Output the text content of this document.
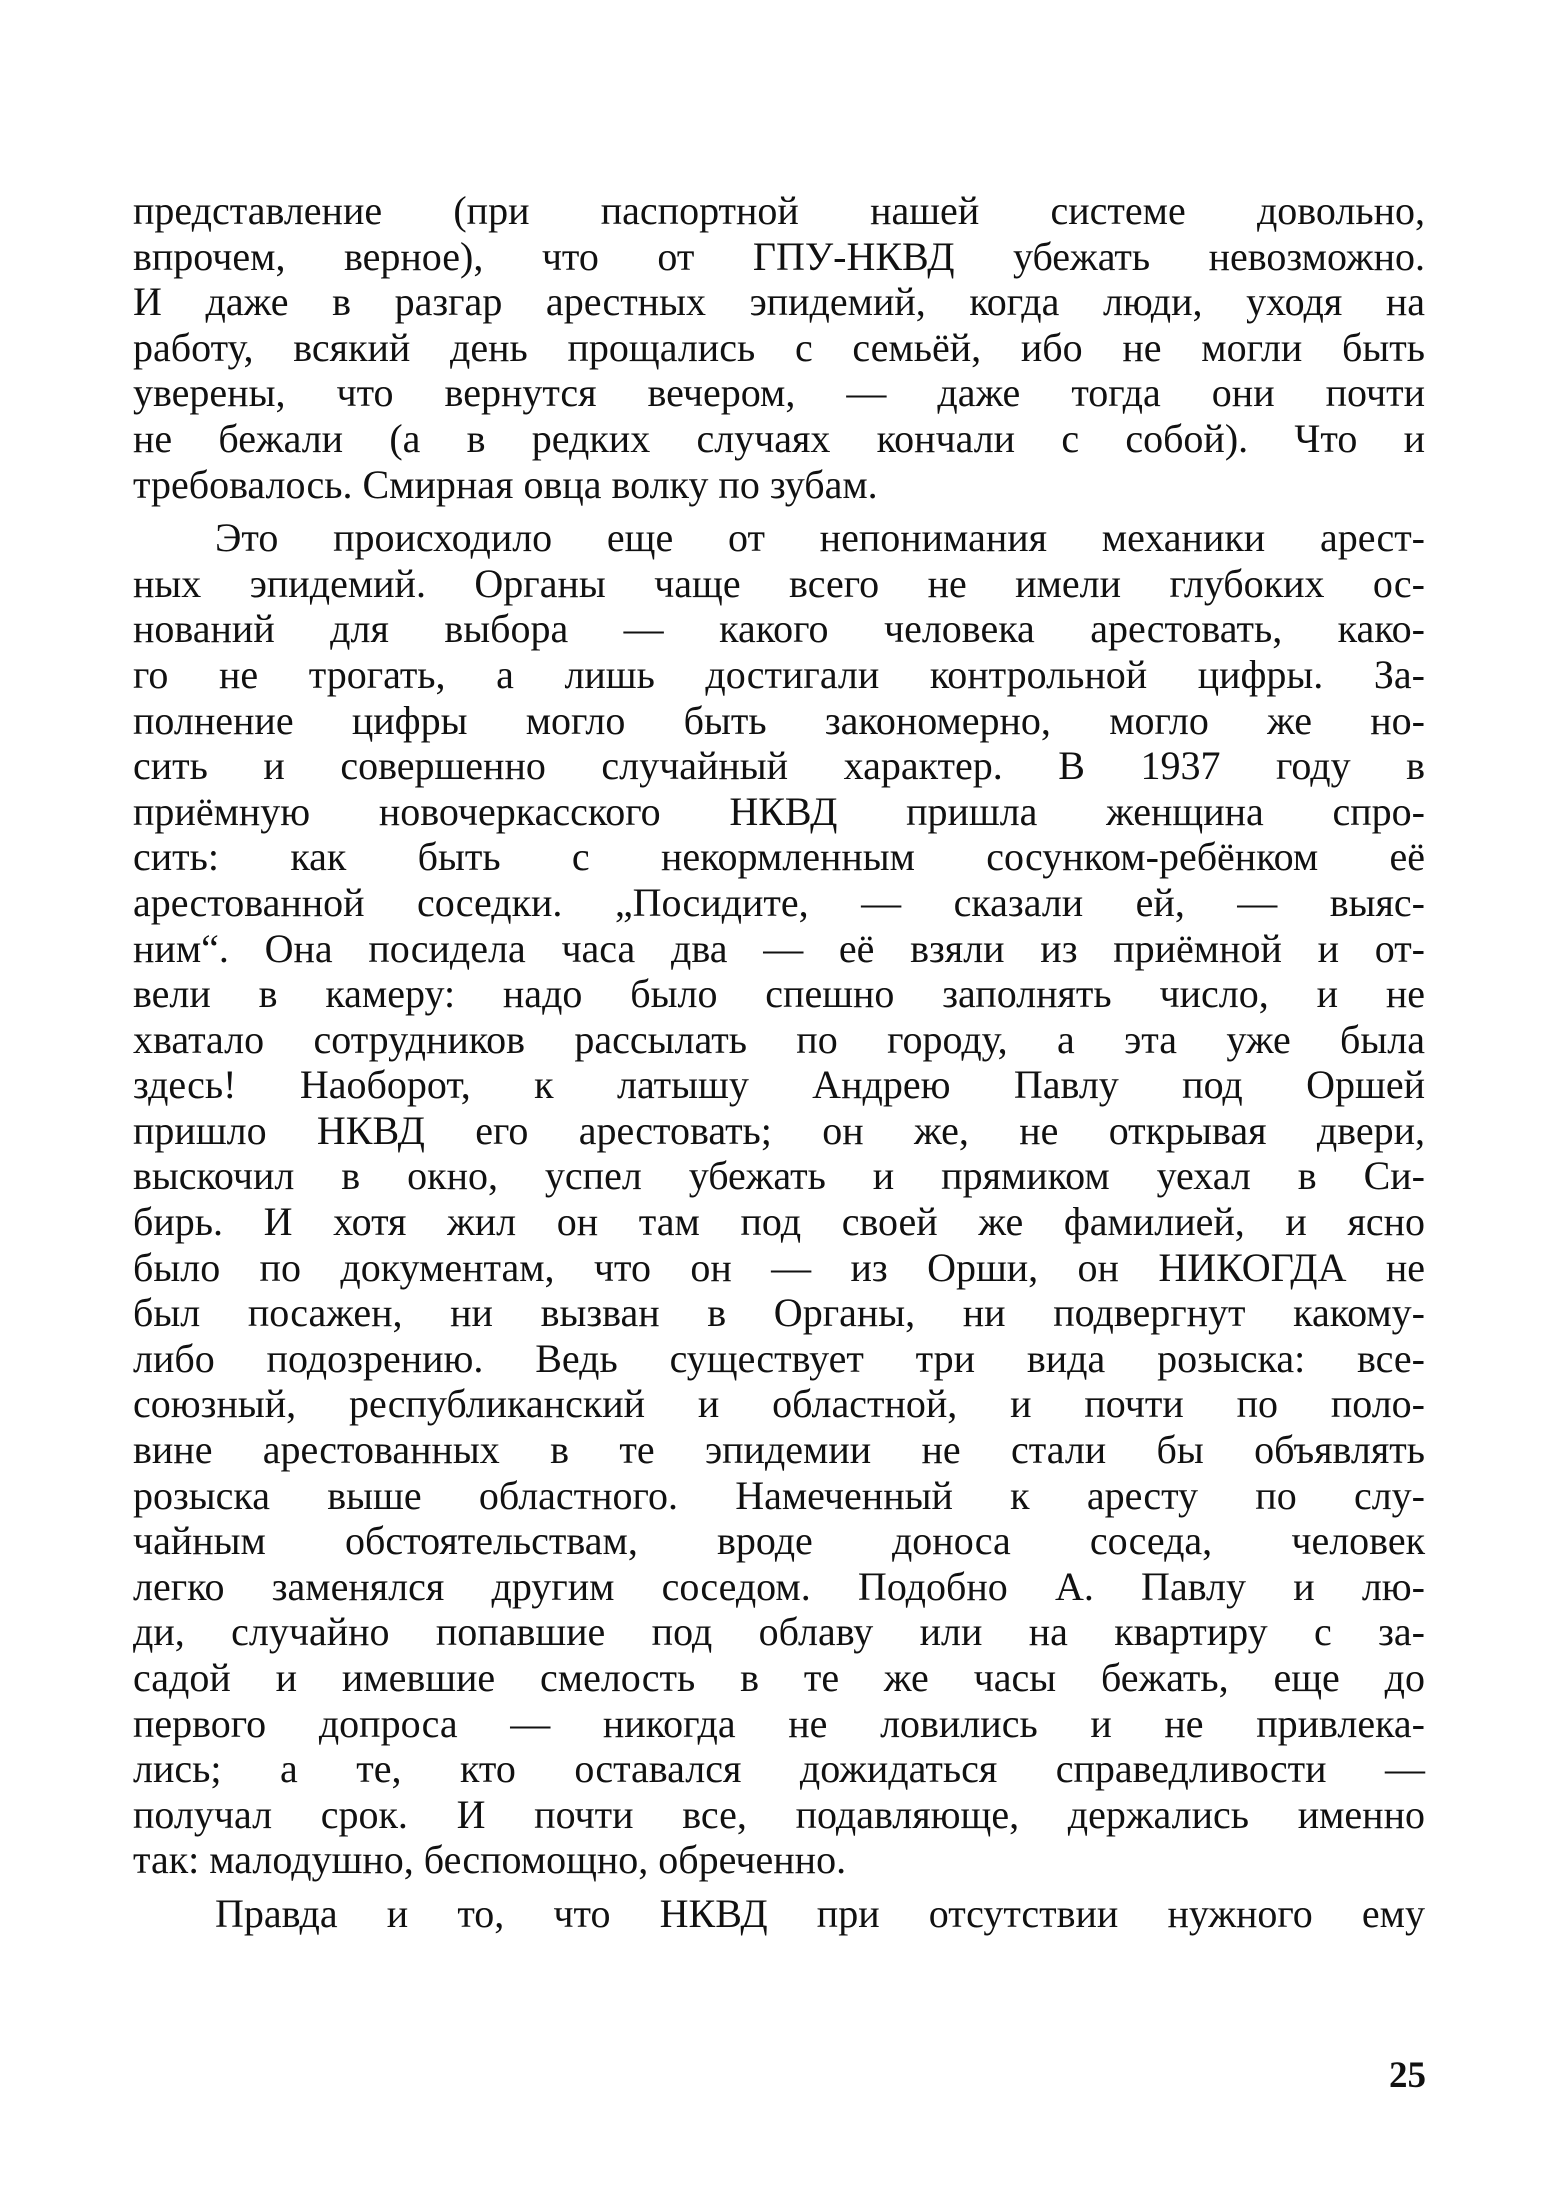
представление (при паспортной нашей системе довольно,
впрочем, верное), что от ГПУ-НКВД убежать невозможно.
И даже в разгар арестных эпидемий, когда люди, уходя на
работу, всякий день прощались с семьёй, ибо не могли быть
уверены, что вернутся вечером, — даже тогда они почти
не бежали (а в редких случаях кончали с собой). Что и
требовалось. Смирная овца волку по зубам.
Это происходило еще от непонимания механики арест-
ных эпидемий. Органы чаще всего не имели глубоких ос-
нований для выбора — какого человека арестовать, како-
го не трогать, а лишь достигали контрольной цифры. За-
полнение цифры могло быть закономерно, могло же но-
сить и совершенно случайный характер. В 1937 году в
приёмную новочеркасского НКВД пришла женщина спро-
сить: как быть с некормленным сосунком-ребёнком её
арестованной соседки. „Посидите, — сказали ей, — выяс-
ним“. Она посидела часа два — её взяли из приёмной и от-
вели в камеру: надо было спешно заполнять число, и не
хватало сотрудников рассылать по городу, а эта уже была
здесь! Наоборот, к латышу Андрею Павлу под Оршей
пришло НКВД его арестовать; он же, не открывая двери,
выскочил в окно, успел убежать и прямиком уехал в Си-
бирь. И хотя жил он там под своей же фамилией, и ясно
было по документам, что он — из Орши, он НИКОГДА не
был посажен, ни вызван в Органы, ни подвергнут какому-
либо подозрению. Ведь существует три вида розыска: все-
союзный, республиканский и областной, и почти по поло-
вине арестованных в те эпидемии не стали бы объявлять
розыска выше областного. Намеченный к аресту по слу-
чайным обстоятельствам, вроде доноса соседа, человек
легко заменялся другим соседом. Подобно А. Павлу и лю-
ди, случайно попавшие под облаву или на квартиру с за-
садой и имевшие смелость в те же часы бежать, еще до
первого допроса — никогда не ловились и не привлека-
лись; а те, кто оставался дожидаться справедливости —
получал срок. И почти все, подавляюще, держались именно
так: малодушно, беспомощно, обреченно.
Правда и то, что НКВД при отсутствии нужного ему
25
